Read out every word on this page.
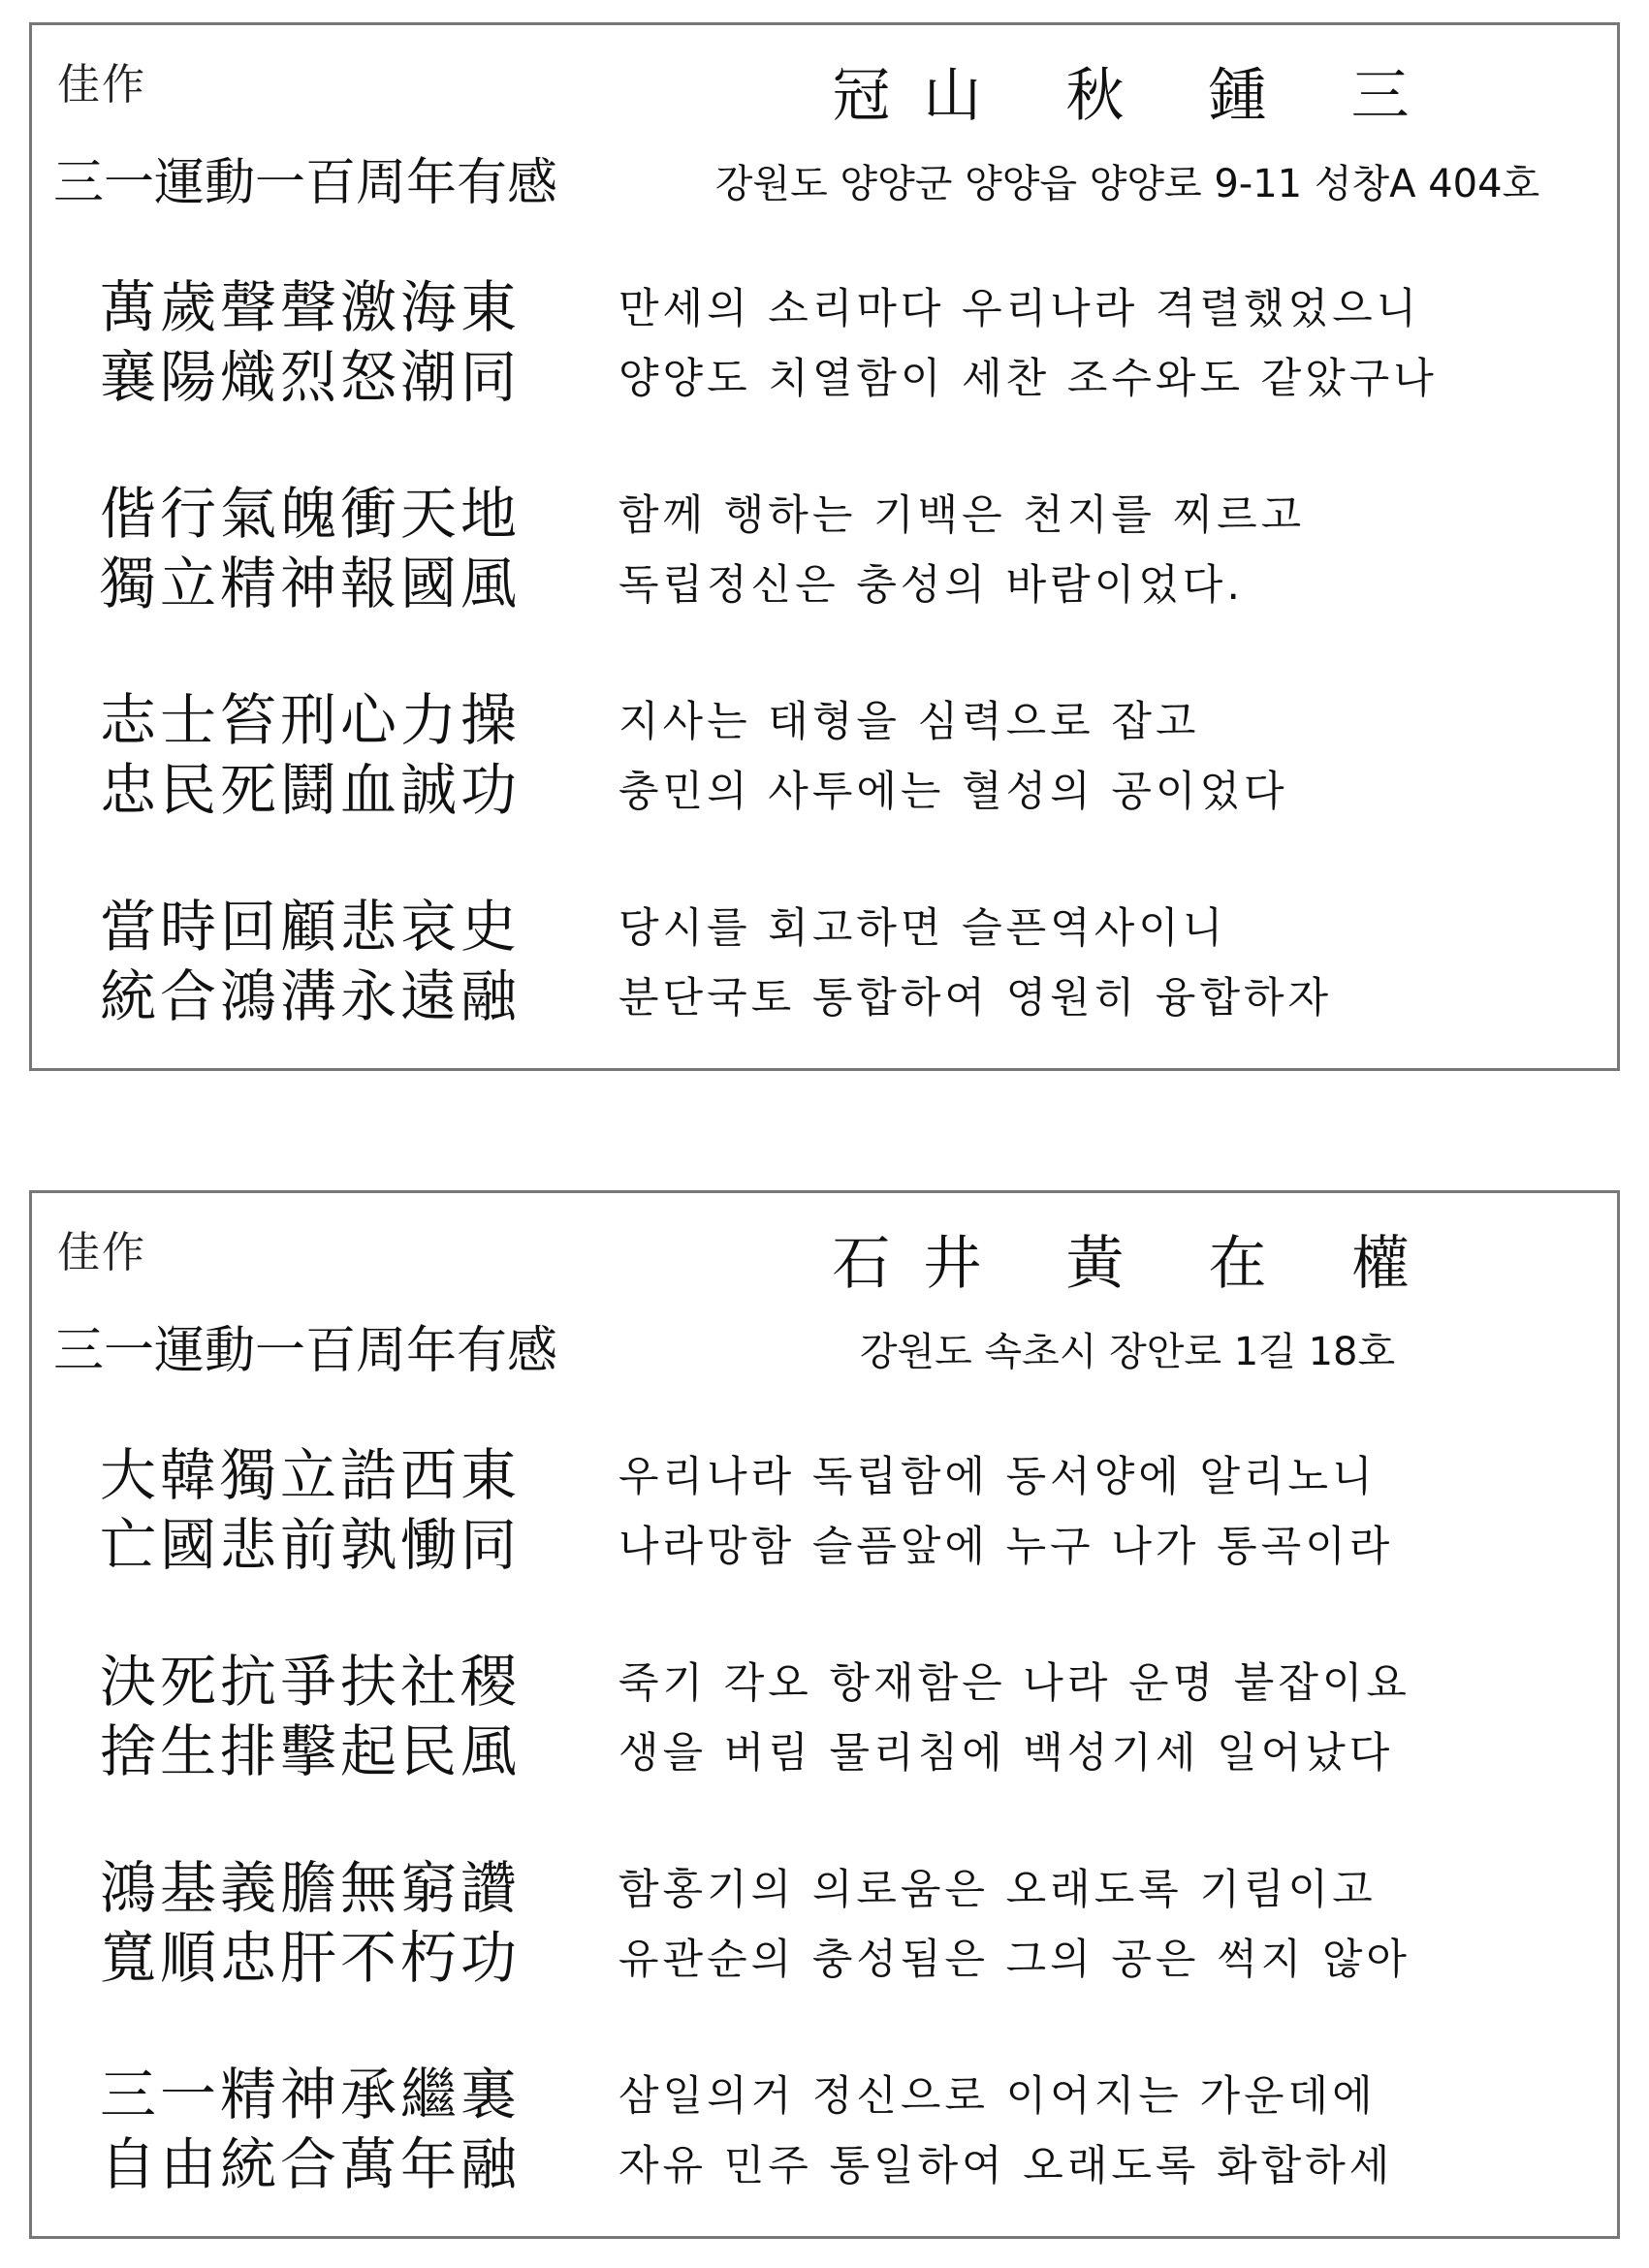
佳作	冠山 秋 鍾 三
三一運動一百周年有感	강원도 양양군 양양읍 양양로 9-11 성창A 404호
萬歲聲聲激海東 만세의 소리마다 우리나라 격렬했었으니
襄陽熾烈怒潮同 양양도 치열함이 세찬 조수와도 같았구나
偕行氣魄衝天地 함께 행하는 기백은 천지를 찌르고
獨立精神報國風 독립정신은 충성의 바람이었다.
志士笞刑心力操 지사는 태형을 심력으로 잡고
忠民死鬪血誠功 충민의 사투에는 혈성의 공이었다
當時回顧悲哀史 당시를 회고하면 슬픈역사이니
統合鴻溝永遠融 분단국토 통합하여 영원히 융합하자
佳作	石井 黃 在 權
三一運動一百周年有感	강원도 속초시 장안로 1길 18호
大韓獨立誥西東 우리나라 독립함에 동서양에 알리노니
亡國悲前孰慟同 나라망함 슬픔앞에 누구 나가 통곡이라
決死抗爭扶社稷 죽기 각오 항재함은 나라 운명 붙잡이요
捨生排擊起民風 생을 버림 물리침에 백성기세 일어났다
鴻基義膽無窮讚 함홍기의 의로움은 오래도록 기림이고
寬順忠肝不朽功 유관순의 충성됨은 그의 공은 썩지 않아
三一精神承繼裏 삼일의거 정신으로 이어지는 가운데에
自由統合萬年融 자유 민주 통일하여 오래도록 화합하세
